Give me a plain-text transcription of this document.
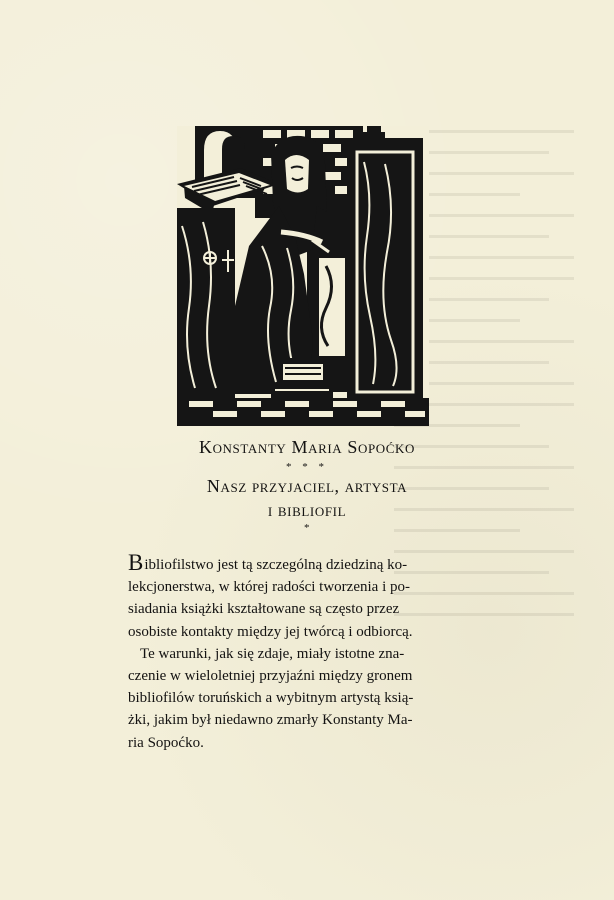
Konstanty Maria Sopoćko
* * *
Nasz przyjaciel, artysta
i bibliofil
*
Bibliofilstwo jest tą szczególną dziedziną ko-
lekcjonerstwa, w której radości tworzenia i po-
siadania książki kształtowane są często przez
osobiste kontakty między jej twórcą i odbiorcą.
Te warunki, jak się zdaje, miały istotne zna-
czenie w wieloletniej przyjaźni między gronem
bibliofilów toruńskich a wybitnym artystą ksią-
żki, jakim był niedawno zmarły Konstanty Ma-
ria Sopoćko.
